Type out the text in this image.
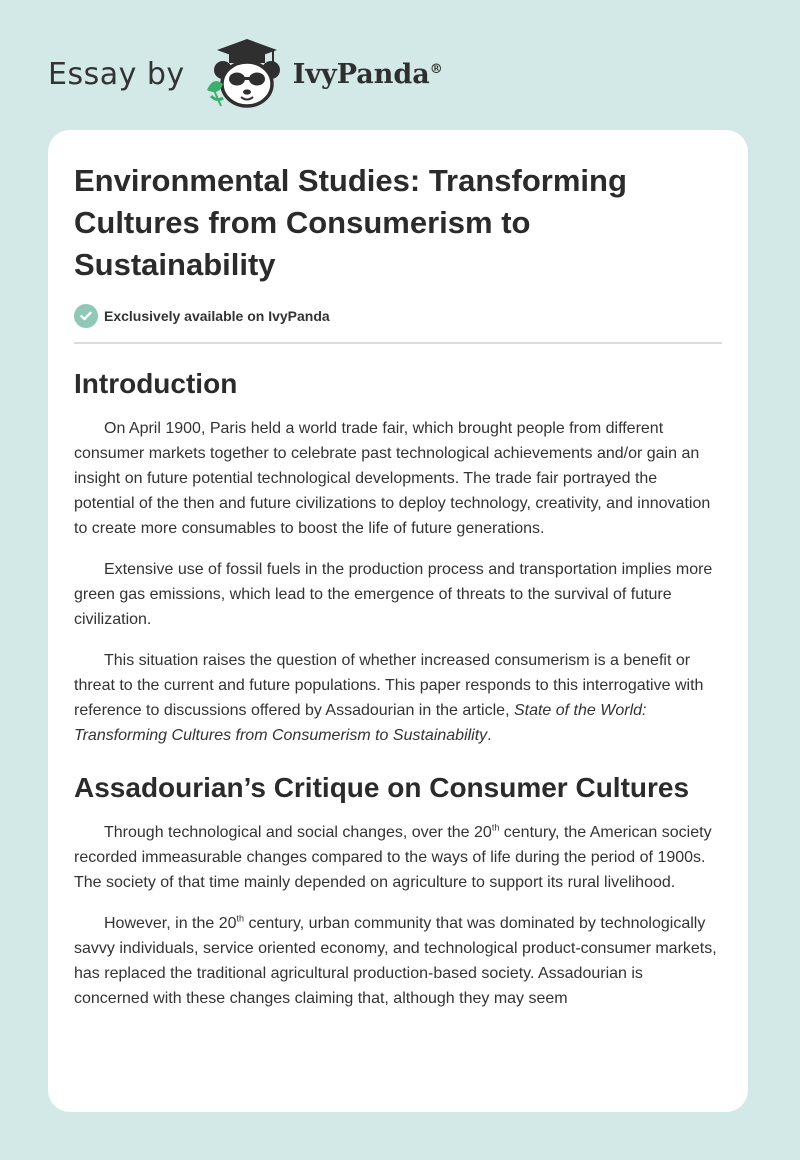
Essay by	IvyPanda®
Environmental Studies: Transforming Cultures from Consumerism to Sustainability
Exclusively available on IvyPanda
Introduction

On April 1900, Paris held a world trade fair, which brought people from different consumer markets together to celebrate past technological achievements and/or gain an insight on future potential technological developments. The trade fair portrayed the potential of the then and future civilizations to deploy technology, creativity, and innovation to create more consumables to boost the life of future generations.

Extensive use of fossil fuels in the production process and transportation implies more green gas emissions, which lead to the emergence of threats to the survival of future civilization.

This situation raises the question of whether increased consumerism is a benefit or threat to the current and future populations. This paper responds to this interrogative with reference to discussions offered by Assadourian in the article, State of the World: Transforming Cultures from Consumerism to Sustainability.

Assadourian’s Critique on Consumer Cultures

Through technological and social changes, over the 20th century, the American society recorded immeasurable changes compared to the ways of life during the period of 1900s. The society of that time mainly depended on agriculture to support its rural livelihood.

However, in the 20th century, urban community that was dominated by technologically savvy individuals, service oriented economy, and technological product-consumer markets, has replaced the traditional agricultural production-based society. Assadourian is concerned with these changes claiming that, although they may seem
